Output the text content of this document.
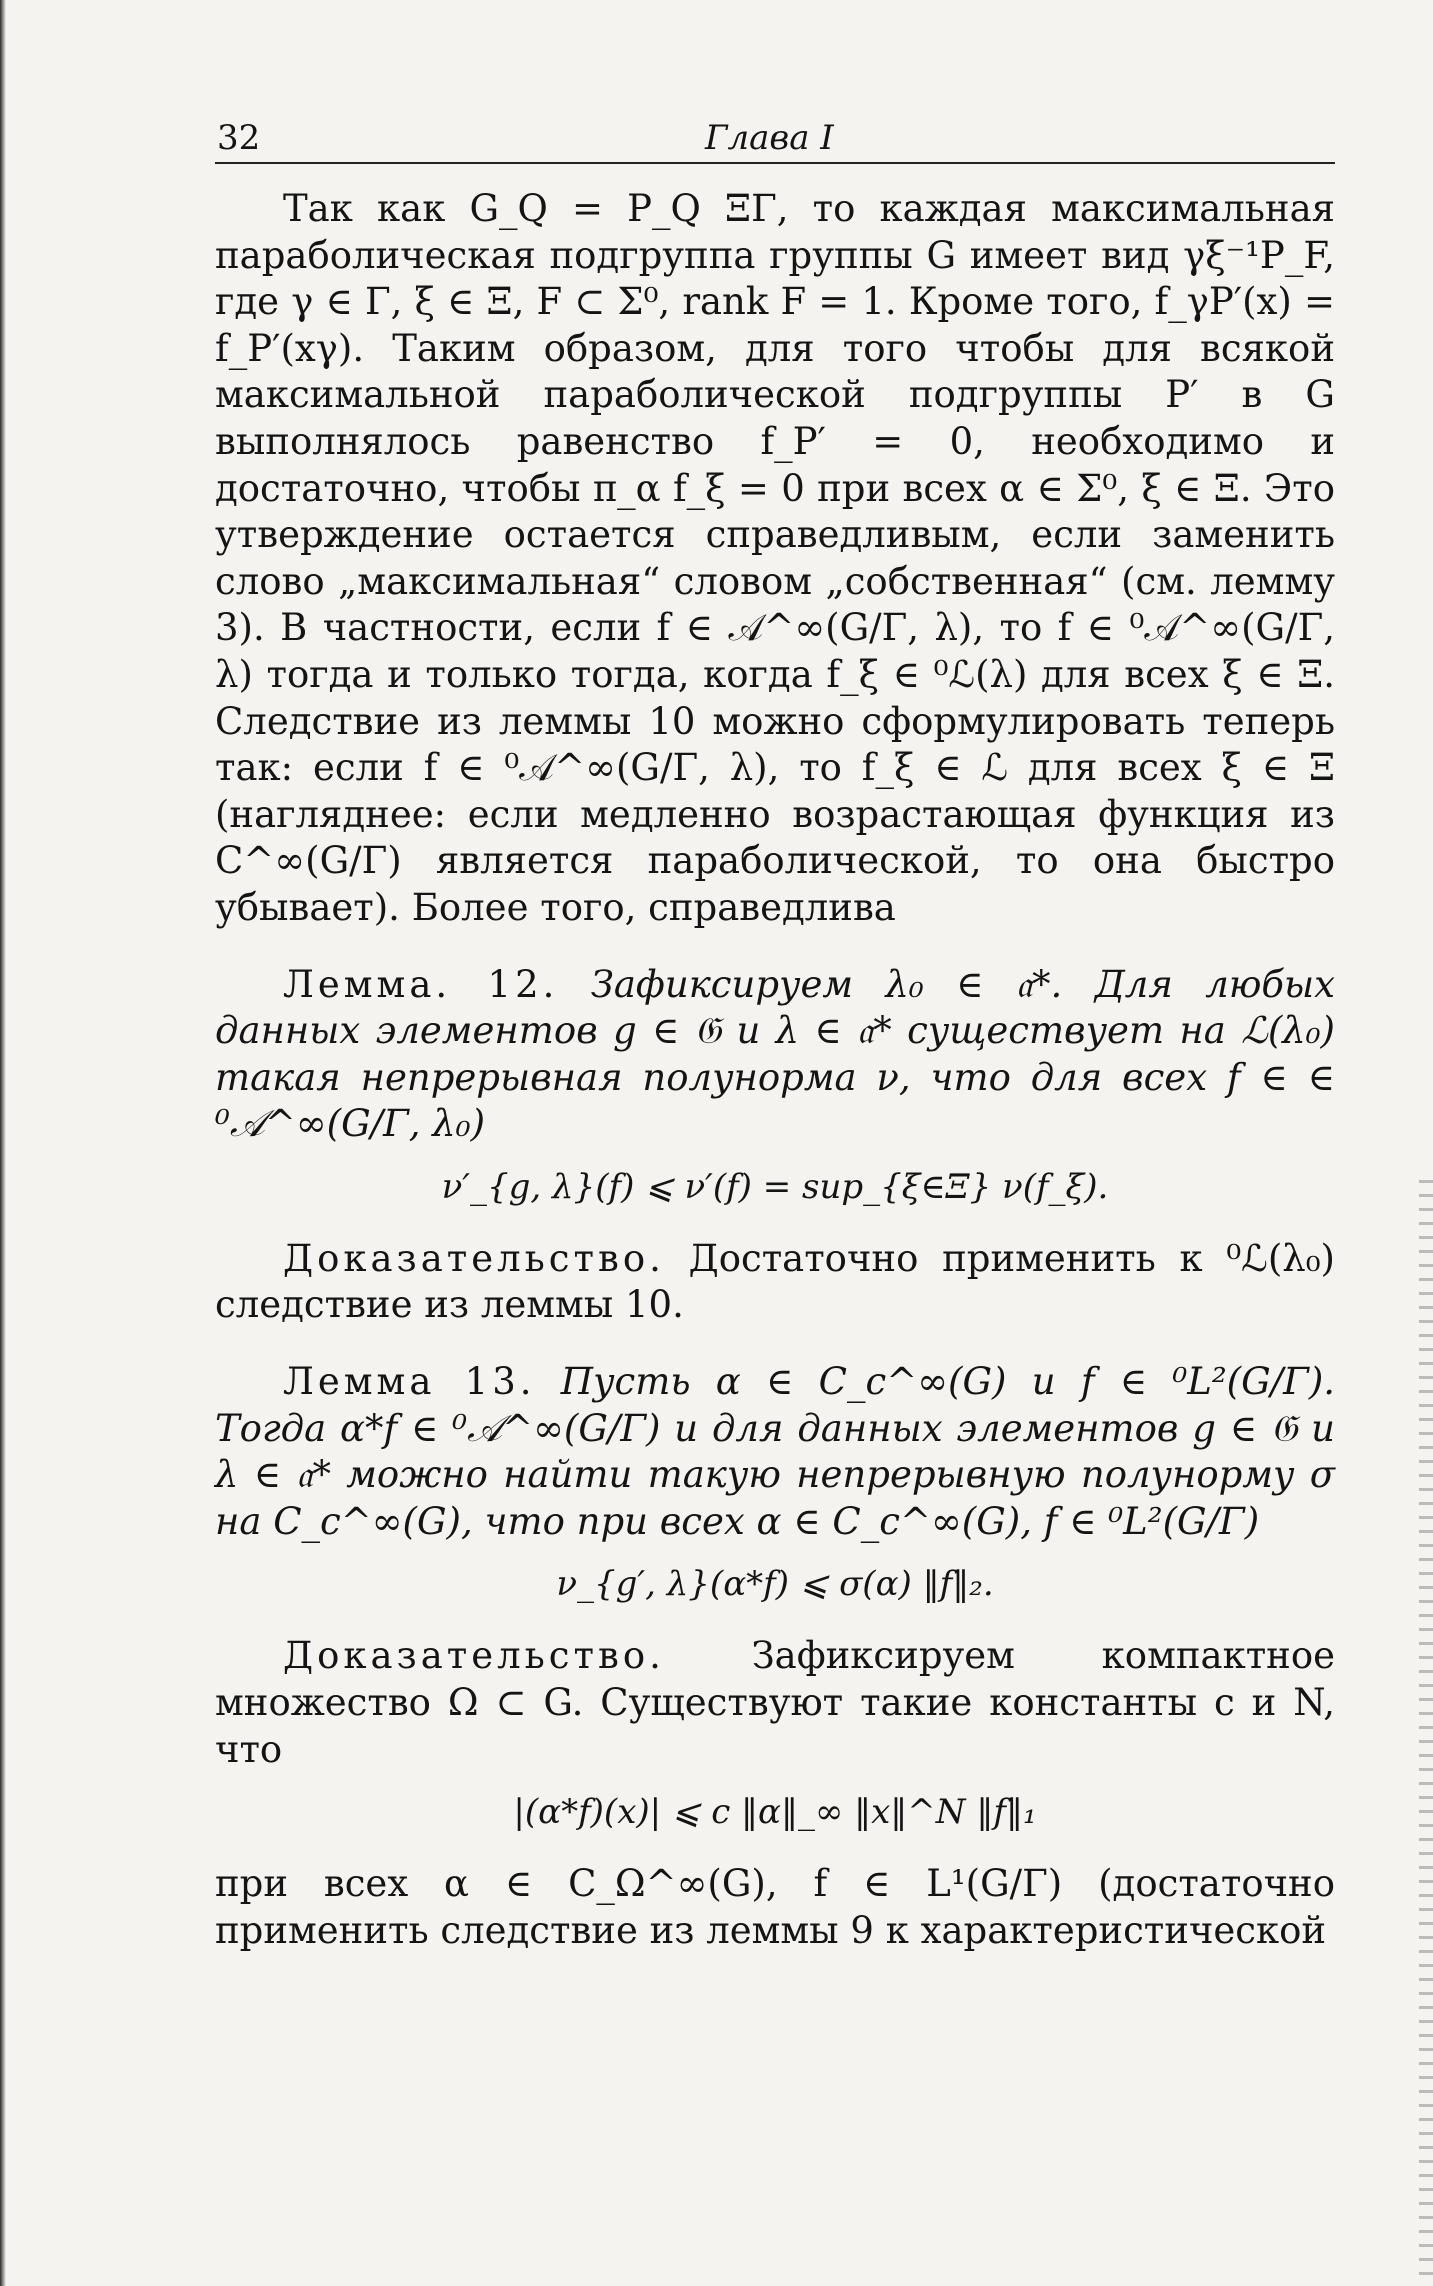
32	Глава I

Так как G_Q = P_Q ΞΓ, то каждая максимальная параболическая подгруппа группы G имеет вид γξ⁻¹P_F, где γ ∈ Γ, ξ ∈ Ξ, F ⊂ Σ⁰, rank F = 1. Кроме того, f_γP′(x) = f_P′(xγ). Таким образом, для того чтобы для всякой максимальной параболической подгруппы P′ в G выполнялось равенство f_P′ = 0, необходимо и достаточно, чтобы π_α f_ξ = 0 при всех α ∈ Σ⁰, ξ ∈ Ξ. Это утверждение остается справедливым, если заменить слово „максимальная“ словом „собственная“ (см. лемму 3). В частности, если f ∈ 𝒜^∞(G/Γ, λ), то f ∈ ⁰𝒜^∞(G/Γ, λ) тогда и только тогда, когда f_ξ ∈ ⁰ℒ(λ) для всех ξ ∈ Ξ. Следствие из леммы 10 можно сформулировать теперь так: если f ∈ ⁰𝒜^∞(G/Γ, λ), то f_ξ ∈ ℒ для всех ξ ∈ Ξ (нагляднее: если медленно возрастающая функция из C^∞(G/Γ) является параболической, то она быстро убывает). Более того, справедлива

Лемма. 12. Зафиксируем λ₀ ∈ 𝔞*. Для любых данных элементов g ∈ 𝔊 и λ ∈ 𝔞* существует на ℒ(λ₀) такая непрерывная полунорма ν, что для всех f ∈ ∈ ⁰𝒜^∞(G/Γ, λ₀)

ν′_{g, λ}(f) ⩽ ν′(f) = sup_{ξ∈Ξ} ν(f_ξ).

Доказательство. Достаточно применить к ⁰ℒ(λ₀) следствие из леммы 10.

Лемма 13. Пусть α ∈ C_c^∞(G) и f ∈ ⁰L²(G/Γ). Тогда α*f ∈ ⁰𝒜^∞(G/Γ) и для данных элементов g ∈ 𝔊 и λ ∈ 𝔞* можно найти такую непрерывную полунорму σ на C_c^∞(G), что при всех α ∈ C_c^∞(G), f ∈ ⁰L²(G/Γ)

ν_{g′, λ}(α*f) ⩽ σ(α) ‖f‖₂.

Доказательство. Зафиксируем компактное множество Ω ⊂ G. Существуют такие константы c и N, что

|(α*f)(x)| ⩽ c ‖α‖_∞ ‖x‖^N ‖f‖₁

при всех α ∈ C_Ω^∞(G), f ∈ L¹(G/Γ) (достаточно применить следствие из леммы 9 к характеристической
